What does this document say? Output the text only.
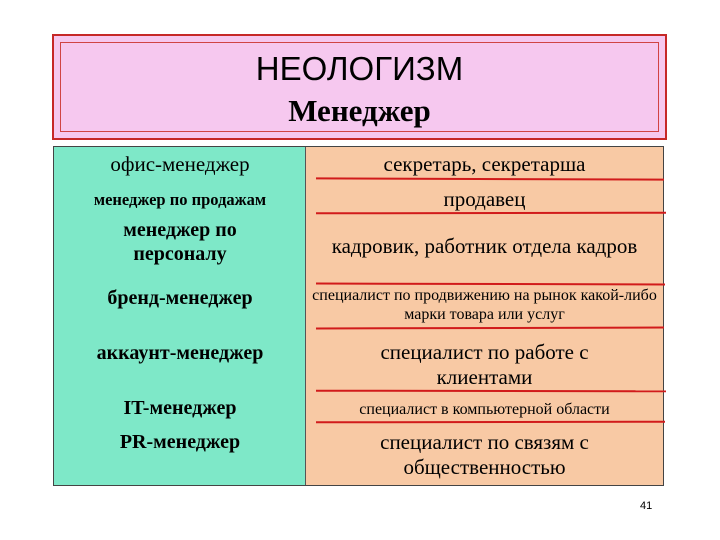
НЕОЛОГИЗМ
Менеджер
офис-менеджер	секретарь, секретарша
менеджер по продажам	продавец
менеджер по персоналу	кадровик, работник отдела кадров
бренд-менеджер	специалист по продвижению на рынок какой-либо марки товара или услуг
аккаунт-менеджер	специалист по работе с клиентами
IT-менеджер	специалист в компьютерной области
PR-менеджер	специалист по связям с общественностью
41
